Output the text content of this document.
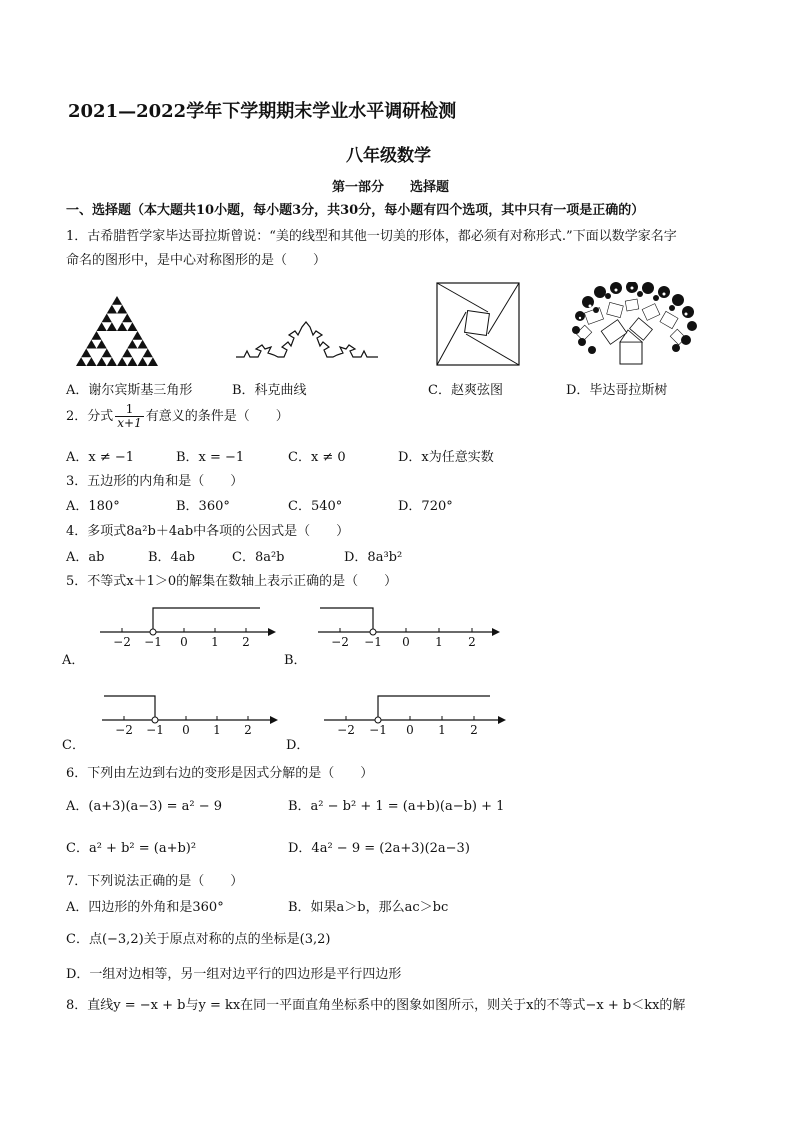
2021—2022学年下学期期末学业水平调研检测
八年级数学
第一部分　　选择题
一、选择题（本大题共10小题，每小题3分，共30分，每小题有四个选项，其中只有一项是正确的）
1．古希腊哲学家毕达哥拉斯曾说：“美的线型和其他一切美的形体，都必须有对称形式.”下面以数学家名字
命名的图形中，是中心对称图形的是（　　）
A．谢尔宾斯基三角形	B．科克曲线	C．赵爽弦图	D．毕达哥拉斯树
2．分式 $\frac{1}{x+1}$ 有意义的条件是（　　）
A．x ≠ −1	B．x = −1	C．x ≠ 0	D．x为任意实数
3．五边形的内角和是（　　）
A．180°	B．360°	C．540°	D．720°
4．多项式8a²b＋4ab中各项的公因式是（　　）
A．ab	B．4ab	C．8a²b	D．8a³b²
5．不等式x＋1＞0的解集在数轴上表示正确的是（　　）
A．
−2 −1 0 1 2
B．
−2 −1 0 1 2
C．
−2 −1 0 1 2
D．
−2 −1 0 1 2
6．下列由左边到右边的变形是因式分解的是（　　）
A．(a+3)(a−3) = a² − 9	B．a² − b² + 1 = (a+b)(a−b) + 1
C．a² + b² = (a+b)²	D．4a² − 9 = (2a+3)(2a−3)
7．下列说法正确的是（　　）
A．四边形的外角和是360°	B．如果a＞b，那么ac＞bc
C．点(−3,2)关于原点对称的点的坐标是(3,2)
D．一组对边相等，另一组对边平行的四边形是平行四边形
8．直线y = −x + b与y = kx在同一平面直角坐标系中的图象如图所示，则关于x的不等式−x + b＜kx的解
